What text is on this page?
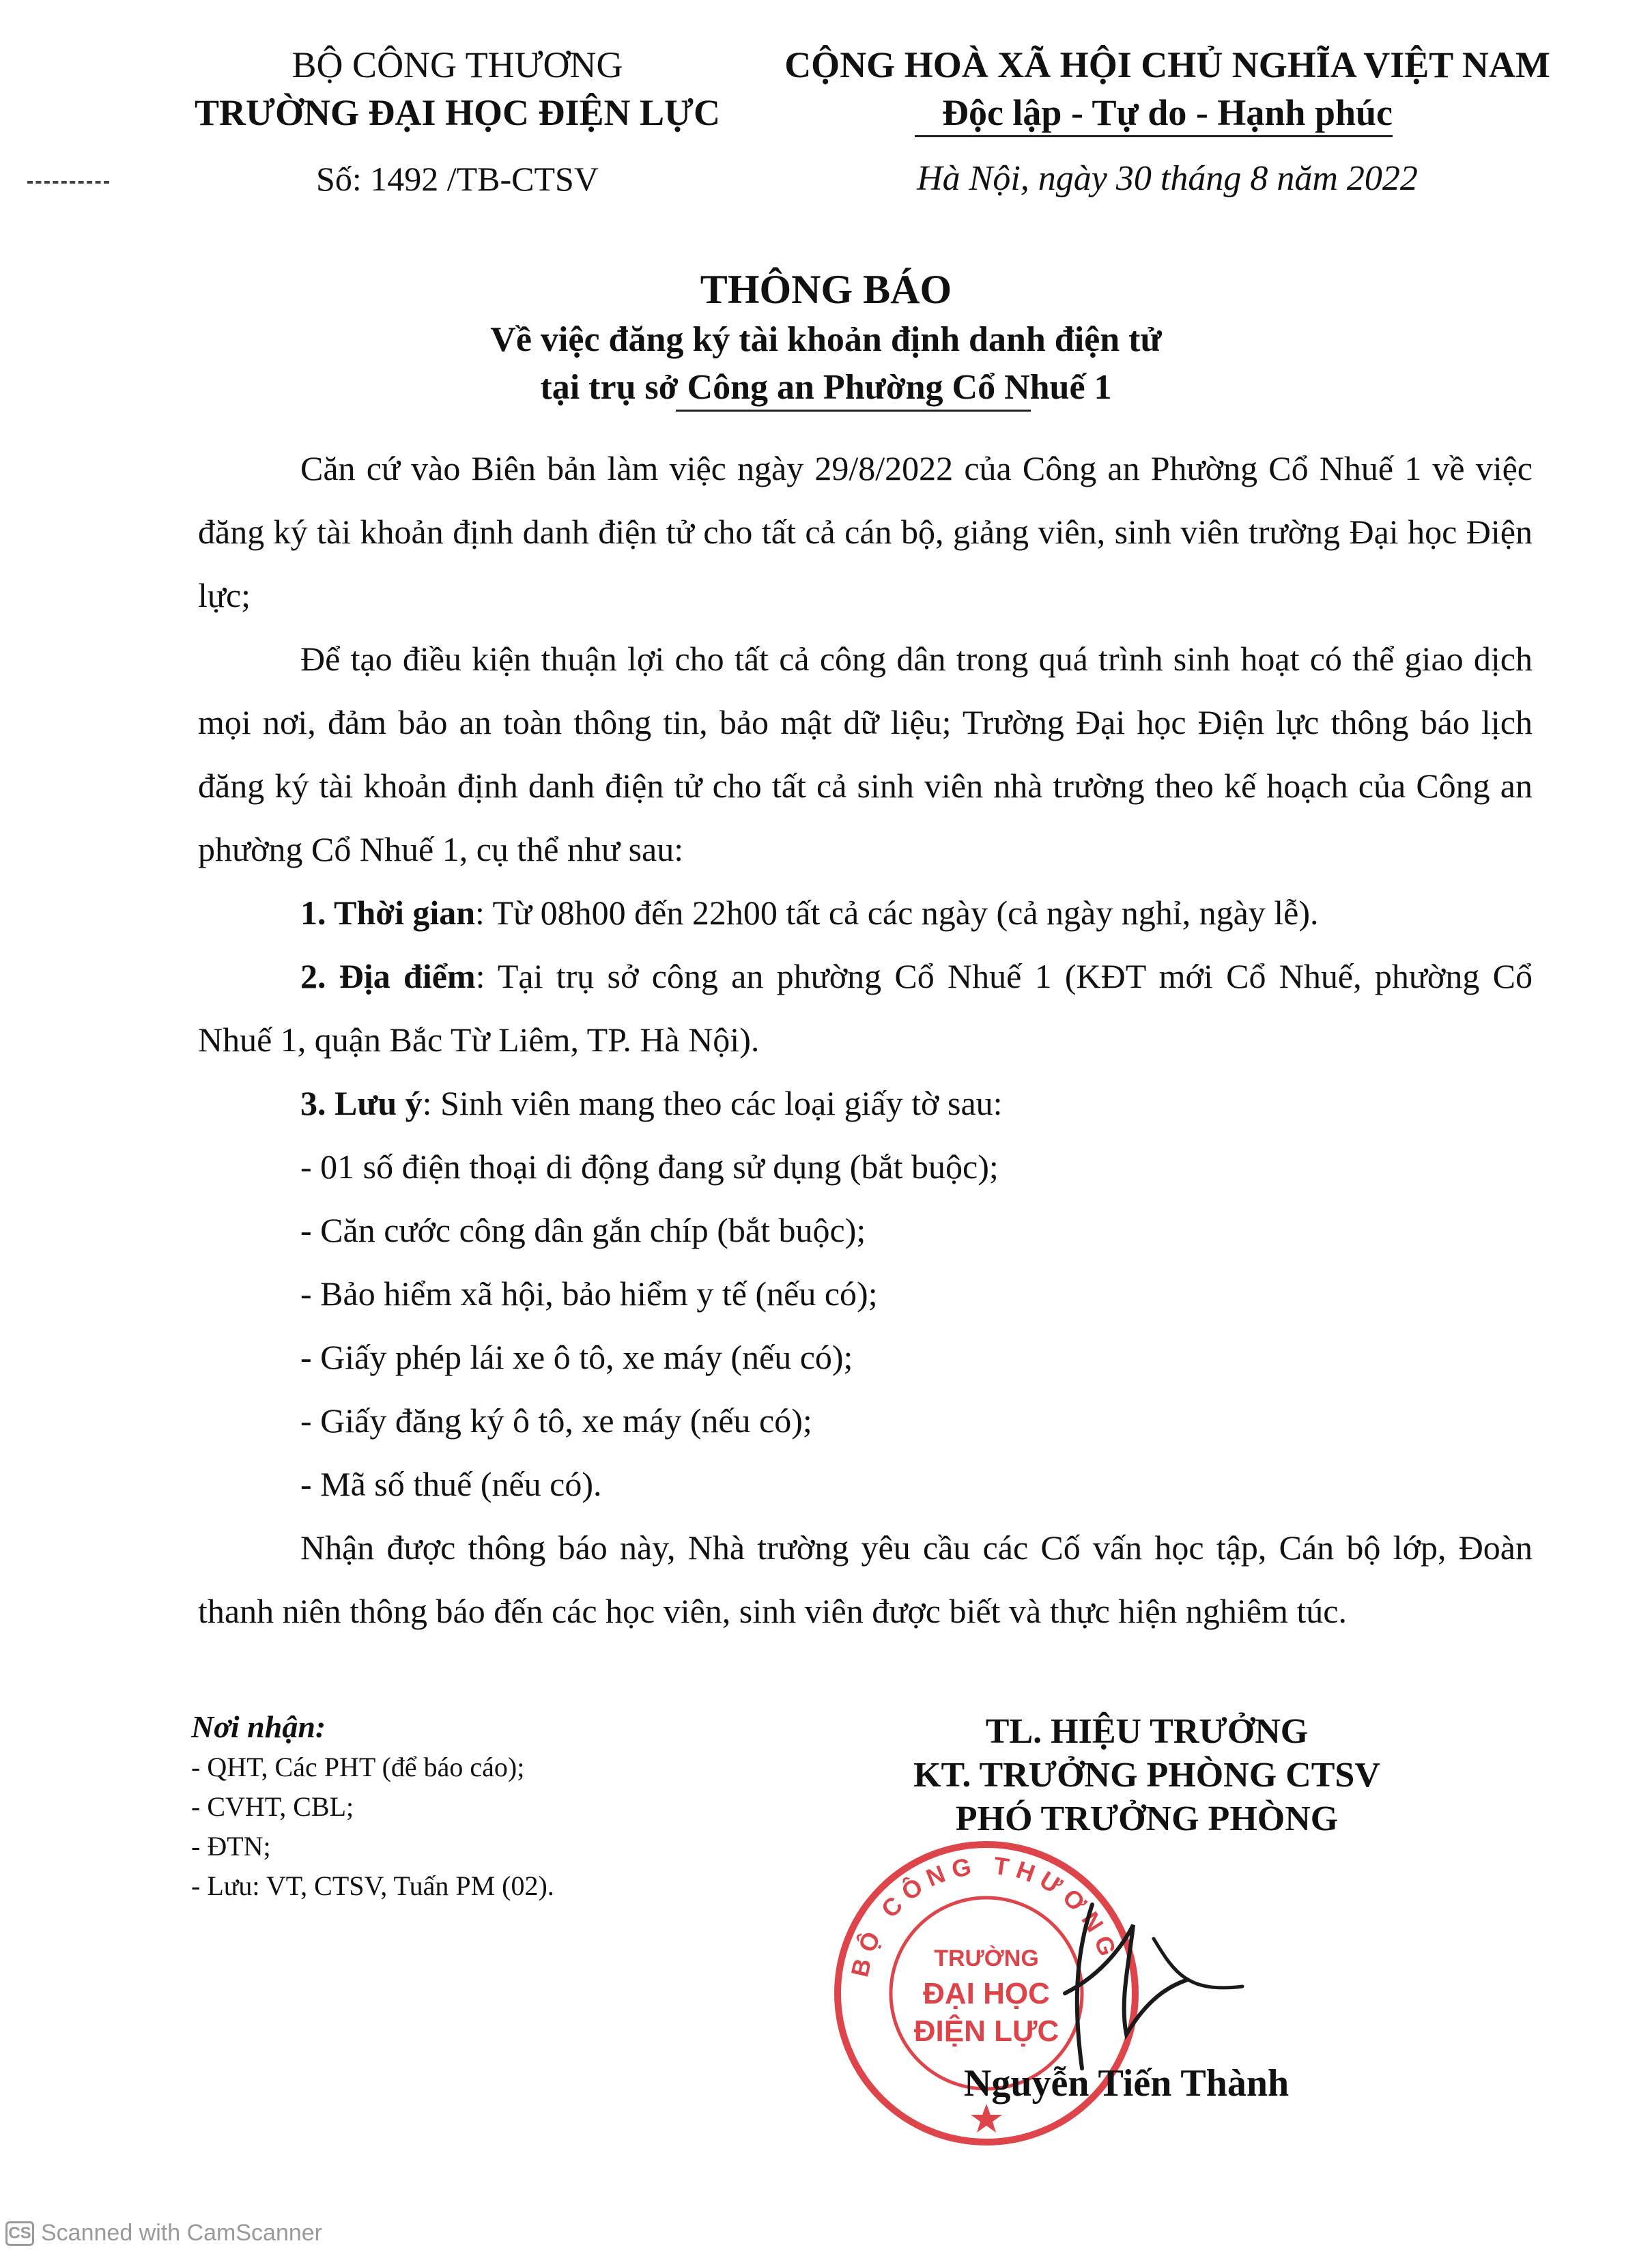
BỘ CÔNG THƯƠNG
TRƯỜNG ĐẠI HỌC ĐIỆN LỰC
Số: 1492 /TB-CTSV
CỘNG HOÀ XÃ HỘI CHỦ NGHĨA VIỆT NAM
Độc lập - Tự do - Hạnh phúc
Hà Nội, ngày 30 tháng 8 năm 2022
THÔNG BÁO
Về việc đăng ký tài khoản định danh điện tử
tại trụ sở Công an Phường Cổ Nhuế 1

Căn cứ vào Biên bản làm việc ngày 29/8/2022 của Công an Phường Cổ Nhuế 1 về việc đăng ký tài khoản định danh điện tử cho tất cả cán bộ, giảng viên, sinh viên trường Đại học Điện lực;

Để tạo điều kiện thuận lợi cho tất cả công dân trong quá trình sinh hoạt có thể giao dịch mọi nơi, đảm bảo an toàn thông tin, bảo mật dữ liệu; Trường Đại học Điện lực thông báo lịch đăng ký tài khoản định danh điện tử cho tất cả sinh viên nhà trường theo kế hoạch của Công an phường Cổ Nhuế 1, cụ thể như sau:

1. Thời gian: Từ 08h00 đến 22h00 tất cả các ngày (cả ngày nghỉ, ngày lễ).

2. Địa điểm: Tại trụ sở công an phường Cổ Nhuế 1 (KĐT mới Cổ Nhuế, phường Cổ Nhuế 1, quận Bắc Từ Liêm, TP. Hà Nội).

3. Lưu ý: Sinh viên mang theo các loại giấy tờ sau:

- 01 số điện thoại di động đang sử dụng (bắt buộc);
- Căn cước công dân gắn chíp (bắt buộc);
- Bảo hiểm xã hội, bảo hiểm y tế (nếu có);
- Giấy phép lái xe ô tô, xe máy (nếu có);
- Giấy đăng ký ô tô, xe máy (nếu có);
- Mã số thuế (nếu có).

Nhận được thông báo này, Nhà trường yêu cầu các Cố vấn học tập, Cán bộ lớp, Đoàn thanh niên thông báo đến các học viên, sinh viên được biết và thực hiện nghiêm túc.

Nơi nhận:
- QHT, Các PHT (để báo cáo);
- CVHT, CBL;
- ĐTN;
- Lưu: VT, CTSV, Tuấn PM (02).
TL. HIỆU TRƯỞNG
KT. TRƯỞNG PHÒNG CTSV
PHÓ TRƯỞNG PHÒNG
BỘ CÔNG THƯƠNG
TRƯỜNG
ĐẠI HỌC
ĐIỆN LỰC
Nguyễn Tiến Thành
CS Scanned with CamScanner
